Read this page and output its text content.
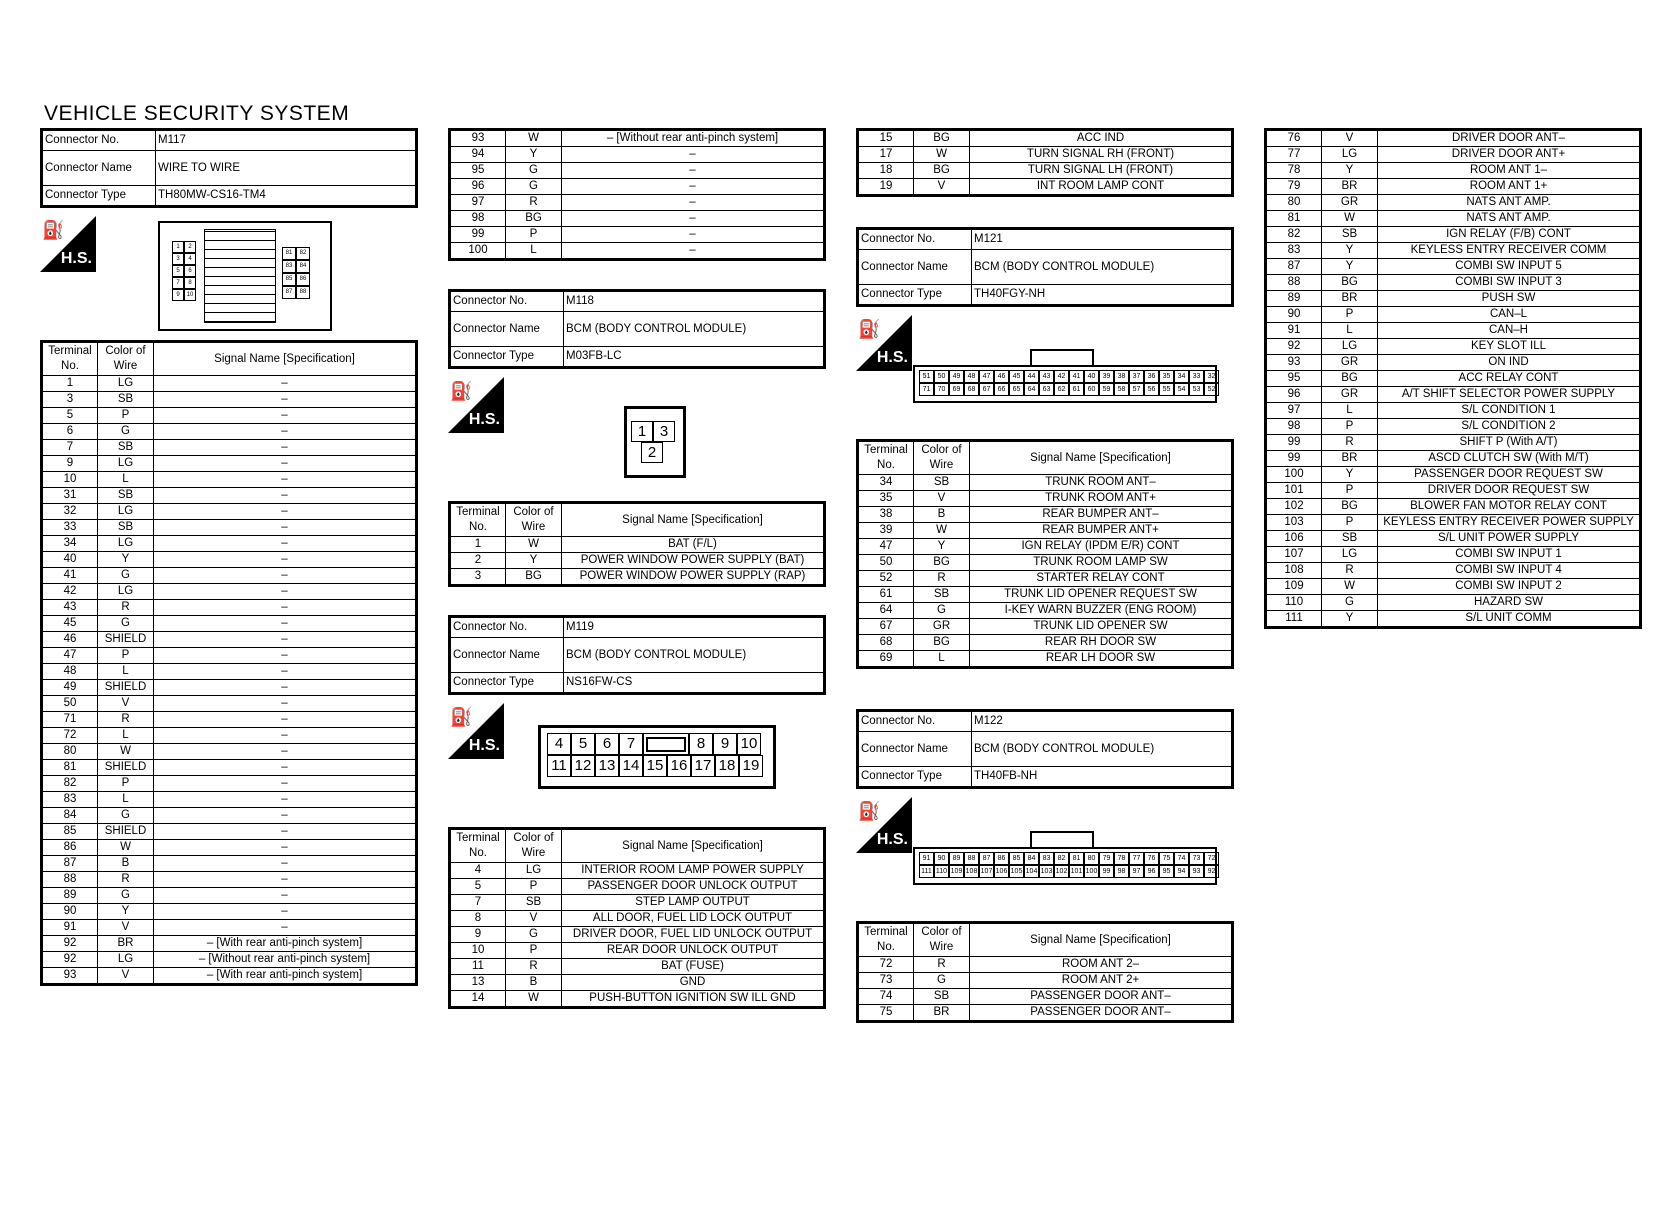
VEHICLE SECURITY SYSTEM
Connector No.	M117
Connector Name	WIRE TO WIRE
Connector Type	TH80MW-CS16-TM4
⛽
H.S.
1 2
3 4
5 6
7 8
9 10
81 82
83 84
85 86
87 88
Terminal No.	Color of Wire	Signal Name [Specification]
1	LG	–
3	SB	–
5	P	–
6	G	–
7	SB	–
9	LG	–
10	L	–
31	SB	–
32	LG	–
33	SB	–
34	LG	–
40	Y	–
41	G	–
42	LG	–
43	R	–
45	G	–
46	SHIELD	–
47	P	–
48	L	–
49	SHIELD	–
50	V	–
71	R	–
72	L	–
80	W	–
81	SHIELD	–
82	P	–
83	L	–
84	G	–
85	SHIELD	–
86	W	–
87	B	–
88	R	–
89	G	–
90	Y	–
91	V	–
92	BR	– [With rear anti-pinch system]
92	LG	– [Without rear anti-pinch system]
93	V	– [With rear anti-pinch system]
93	W	– [Without rear anti-pinch system]
94	Y	–
95	G	–
96	G	–
97	R	–
98	BG	–
99	P	–
100	L	–
Connector No.	M118
Connector Name	BCM (BODY CONTROL MODULE)
Connector Type	M03FB-LC
⛽
H.S.
1 3
2
Terminal No.	Color of Wire	Signal Name [Specification]
1	W	BAT (F/L)
2	Y	POWER WINDOW POWER SUPPLY (BAT)
3	BG	POWER WINDOW POWER SUPPLY (RAP)
Connector No.	M119
Connector Name	BCM (BODY CONTROL MODULE)
Connector Type	NS16FW-CS
⛽
H.S.	4 5 6 7	8 9 10
11 12 13 14 15 16 17 18 19
Terminal No.	Color of Wire	Signal Name [Specification]
4	LG	INTERIOR ROOM LAMP POWER SUPPLY
5	P	PASSENGER DOOR UNLOCK OUTPUT
7	SB	STEP LAMP OUTPUT
8	V	ALL DOOR, FUEL LID LOCK OUTPUT
9	G	DRIVER DOOR, FUEL LID UNLOCK OUTPUT
10	P	REAR DOOR UNLOCK OUTPUT
11	R	BAT (FUSE)
13	B	GND
14	W	PUSH-BUTTON IGNITION SW ILL GND
15	BG	ACC IND
17	W	TURN SIGNAL RH (FRONT)
18	BG	TURN SIGNAL LH (FRONT)
19	V	INT ROOM LAMP CONT
Connector No.	M121
Connector Name	BCM (BODY CONTROL MODULE)
Connector Type	TH40FGY-NH
⛽
H.S.
51 50 49 48 47 46 45 44 43 42 41 40 39 38 37 36 35 34 33 32
71 70 69 68 67 66 65 64 63 62 61 60 59 58 57 56 55 54 53 52
Terminal No.	Color of Wire	Signal Name [Specification]
34	SB	TRUNK ROOM ANT–
35	V	TRUNK ROOM ANT+
38	B	REAR BUMPER ANT–
39	W	REAR BUMPER ANT+
47	Y	IGN RELAY (IPDM E/R) CONT
50	BG	TRUNK ROOM LAMP SW
52	R	STARTER RELAY CONT
61	SB	TRUNK LID OPENER REQUEST SW
64	G	I-KEY WARN BUZZER (ENG ROOM)
67	GR	TRUNK LID OPENER SW
68	BG	REAR RH DOOR SW
69	L	REAR LH DOOR SW
Connector No.	M122
Connector Name	BCM (BODY CONTROL MODULE)
Connector Type	TH40FB-NH
⛽
H.S.
91 90 89 88 87 86 85 84 83 82 81 80 79 78 77 76 75 74 73 72
111 110 109 108 107 106 105 104 103 102 101 100 99 98 97 96 95 94 93 92
Terminal No.	Color of Wire	Signal Name [Specification]
72	R	ROOM ANT 2–
73	G	ROOM ANT 2+
74	SB	PASSENGER DOOR ANT–
75	BR	PASSENGER DOOR ANT–
76	V	DRIVER DOOR ANT–
77	LG	DRIVER DOOR ANT+
78	Y	ROOM ANT 1–
79	BR	ROOM ANT 1+
80	GR	NATS ANT AMP.
81	W	NATS ANT AMP.
82	SB	IGN RELAY (F/B) CONT
83	Y	KEYLESS ENTRY RECEIVER COMM
87	Y	COMBI SW INPUT 5
88	BG	COMBI SW INPUT 3
89	BR	PUSH SW
90	P	CAN–L
91	L	CAN–H
92	LG	KEY SLOT ILL
93	GR	ON IND
95	BG	ACC RELAY CONT
96	GR	A/T SHIFT SELECTOR POWER SUPPLY
97	L	S/L CONDITION 1
98	P	S/L CONDITION 2
99	R	SHIFT P (With A/T)
99	BR	ASCD CLUTCH SW (With M/T)
100	Y	PASSENGER DOOR REQUEST SW
101	P	DRIVER DOOR REQUEST SW
102	BG	BLOWER FAN MOTOR RELAY CONT
103	P	KEYLESS ENTRY RECEIVER POWER SUPPLY
106	SB	S/L UNIT POWER SUPPLY
107	LG	COMBI SW INPUT 1
108	R	COMBI SW INPUT 4
109	W	COMBI SW INPUT 2
110	G	HAZARD SW
111	Y	S/L UNIT COMM
